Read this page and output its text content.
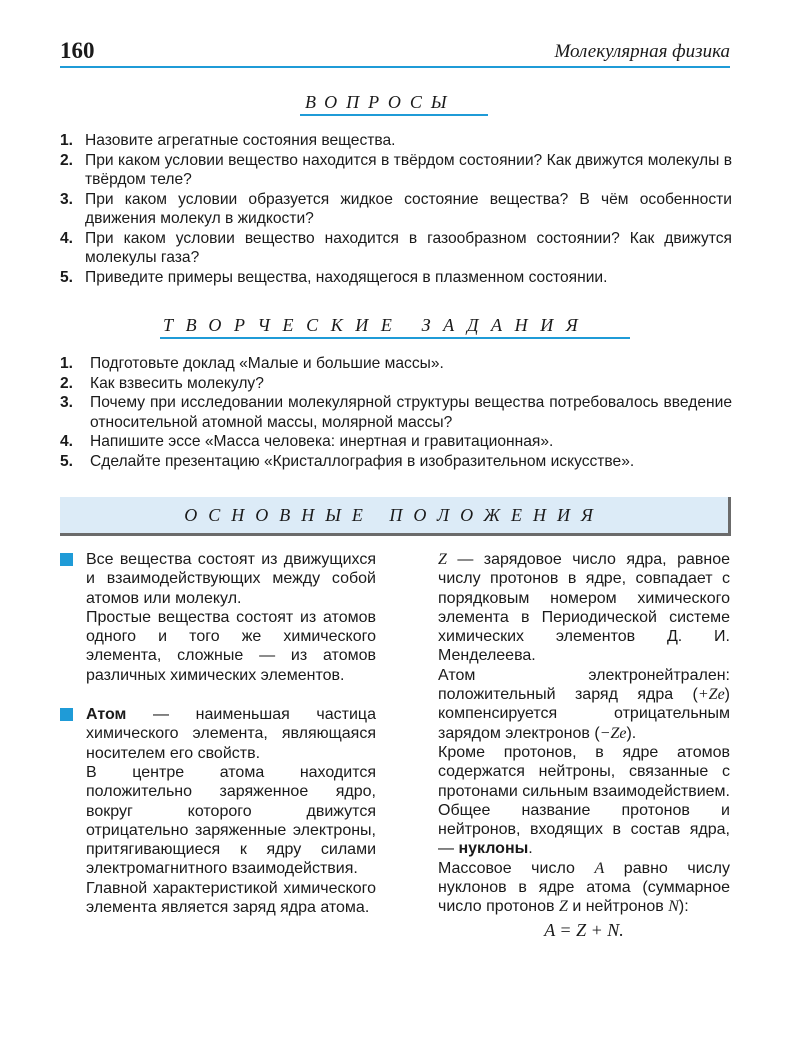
160	Молекулярная физика
ВОПРОСЫ
1. Назовите агрегатные состояния вещества.
2. При каком условии вещество находится в твёрдом состоянии? Как движутся молекулы в твёрдом теле?
3. При каком условии образуется жидкое состояние вещества? В чём особенности движения молекул в жидкости?
4. При каком условии вещество находится в газообразном состоянии? Как движутся молекулы газа?
5. Приведите примеры вещества, находящегося в плазменном состоянии.
ТВОРЧЕСКИЕ ЗАДАНИЯ
1. Подготовьте доклад «Малые и большие массы».
2. Как взвесить молекулу?
3. Почему при исследовании молекулярной структуры вещества потребовалось введение относительной атомной массы, молярной массы?
4. Напишите эссе «Масса человека: инертная и гравитационная».
5. Сделайте презентацию «Кристаллография в изобразительном искусстве».
ОСНОВНЫЕ ПОЛОЖЕНИЯ

Все вещества состоят из движущихся и взаимодействующих между собой атомов или молекул.

Простые вещества состоят из атомов одного и того же химического элемента, сложные — из атомов различных химических элементов.

Атом — наименьшая частица химического элемента, являющаяся носителем его свойств.

В центре атома находится положительно заряженное ядро, вокруг которого движутся отрицательно заряженные электроны, притягивающиеся к ядру силами электромагнитного взаимодействия.

Главной характеристикой химического элемента является заряд ядра атома.

Z — зарядовое число ядра, равное числу протонов в ядре, совпадает с порядковым номером химического элемента в Периодической системе химических элементов Д. И. Менделеева.

Атом электронейтрален: положительный заряд ядра (+Ze) компенсируется отрицательным зарядом электронов (−Ze).

Кроме протонов, в ядре атомов содержатся нейтроны, связанные с протонами сильным взаимодействием. Общее название протонов и нейтронов, входящих в состав ядра, — нуклоны.

Массовое число A равно числу нуклонов в ядре атома (суммарное число протонов Z и нейтронов N):

A = Z + N.
